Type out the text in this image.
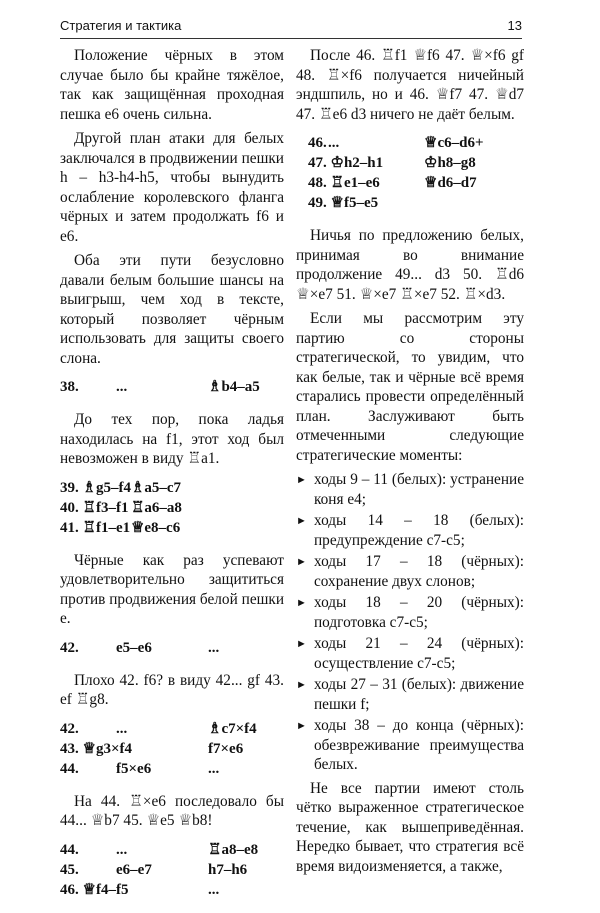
Стратегия и тактика	13

Положение чёрных в этом случае было бы крайне тяжёлое, так как защищённая проходная пешка е6 очень сильна.

Другой план атаки для белых заключался в продвижении пешки h – h3-h4-h5, чтобы вынудить ослабление королевского фланга чёрных и затем продолжать f6 и е6.

Оба эти пути безусловно давали белым большие шансы на выигрыш, чем ход в тексте, который позволяет чёрным использовать для защиты своего слона.

38.	...	♗b4–a5

До тех пор, пока ладья находилась на f1, этот ход был невозможен в виду ♖a1.

39. ♗g5–f4	♗a5–c7
40. ♖f3–f1	♖a6–a8
41. ♖f1–e1	♕e8–c6

Чёрные как раз успевают удовлетворительно защититься против продвижения белой пешки е.

42.	e5–e6	...

Плохо 42. f6? в виду 42... gf 43. ef ♖g8.

42.	...	♗c7×f4
43. ♕g3×f4		f7×e6
44.	f5×e6	...

На 44. ♖×e6 последовало бы 44... ♕b7 45. ♕e5 ♕b8!

44.	...	♖a8–e8
45.	e6–e7	h7–h6
46. ♕f4–f5		...

После 46. ♖f1 ♕f6 47. ♕×f6 gf 48. ♖×f6 получается ничейный эндшпиль, но и 46. ♕f7 47. ♕d7 47. ♖e6 d3 ничего не даёт белым.

46.	...	♕c6–d6+
47. ♔h2–h1		♔h8–g8
48. ♖e1–e6		♕d6–d7
49. ♕f5–e5		

Ничья по предложению белых, принимая во внимание продолжение 49... d3 50. ♖d6 ♕×e7 51. ♕×e7 ♖×e7 52. ♖×d3.

Если мы рассмотрим эту партию со стороны стратегической, то увидим, что как белые, так и чёрные всё время старались провести определённый план. Заслуживают быть отмеченными следующие стратегические моменты:

► ходы 9 – 11 (белых): устранение коня е4;
► ходы 14 – 18 (белых): предупреждение с7-с5;
► ходы 17 – 18 (чёрных): сохранение двух слонов;
► ходы 18 – 20 (чёрных): подготовка с7-с5;
► ходы 21 – 24 (чёрных): осуществление с7-с5;
► ходы 27 – 31 (белых): движение пешки f;
► ходы 38 – до конца (чёрных): обезвреживание преимущества белых.

Не все партии имеют столь чётко выраженное стратегическое течение, как вышеприведённая. Нередко бывает, что стратегия всё время видоизменяется, а также,
